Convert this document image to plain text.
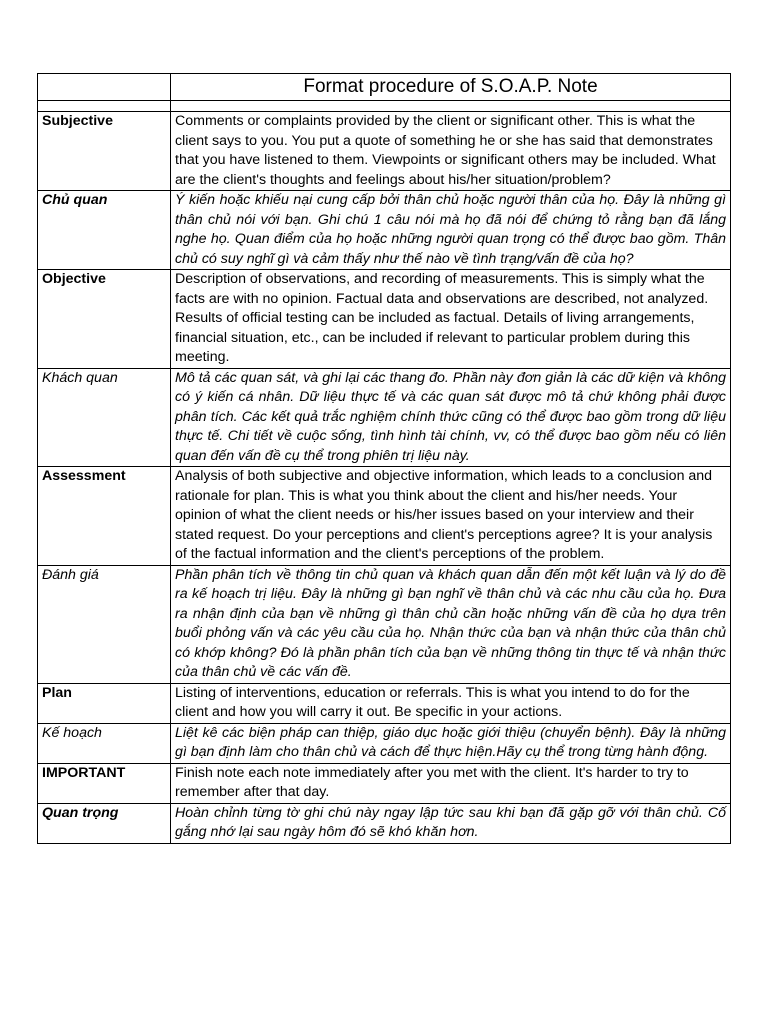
	Format procedure of S.O.A.P. Note

Subjective	Comments or complaints provided by the client or significant other. This is what the client says to you. You put a quote of something he or she has said that demonstrates that you have listened to them. Viewpoints or significant others may be included. What are the client's thoughts and feelings about his/her situation/problem?
Chủ quan	Ý kiến hoặc khiếu nại cung cấp bởi thân chủ hoặc người thân của họ. Đây là những gì thân chủ nói với bạn. Ghi chú 1 câu nói mà họ đã nói để chứng tỏ rằng bạn đã lắng nghe họ. Quan điểm của họ hoặc những người quan trọng có thể được bao gồm. Thân chủ có suy nghĩ gì và cảm thấy như thế nào về tình trạng/vấn đề của họ?
Objective	Description of observations, and recording of measurements. This is simply what the facts are with no opinion. Factual data and observations are described, not analyzed. Results of official testing can be included as factual. Details of living arrangements, financial situation, etc., can be included if relevant to particular problem during this meeting.
Khách quan	Mô tả các quan sát, và ghi lại các thang đo. Phần này đơn giản là các dữ kiện và không có ý kiến cá nhân. Dữ liệu thực tế và các quan sát được mô tả chứ không phải được phân tích. Các kết quả trắc nghiệm chính thức cũng có thể được bao gồm trong dữ liệu thực tế. Chi tiết về cuộc sống, tình hình tài chính, vv, có thể được bao gồm nếu có liên quan đến vấn đề cụ thể trong phiên trị liệu này.
Assessment	Analysis of both subjective and objective information, which leads to a conclusion and rationale for plan. This is what you think about the client and his/her needs. Your opinion of what the client needs or his/her issues based on your interview and their stated request. Do your perceptions and client's perceptions agree? It is your analysis of the factual information and the client's perceptions of the problem.
Đánh giá	Phần phân tích về thông tin chủ quan và khách quan dẫn đến một kết luận và lý do đề ra kế hoạch trị liệu. Đây là những gì bạn nghĩ về thân chủ và các nhu cầu của họ. Đưa ra nhận định của bạn về những gì thân chủ cần hoặc những vấn đề của họ dựa trên buổi phỏng vấn và các yêu cầu của họ. Nhận thức của bạn và nhận thức của thân chủ có khớp không? Đó là phần phân tích của bạn về những thông tin thực tế và nhận thức của thân chủ về các vấn đề.
Plan	Listing of interventions, education or referrals. This is what you intend to do for the client and how you will carry it out. Be specific in your actions.
Kế hoạch	Liệt kê các biện pháp can thiệp, giáo dục hoặc giới thiệu (chuyển bệnh). Đây là những gì bạn định làm cho thân chủ và cách để thực hiện.Hãy cụ thể trong từng hành động.
IMPORTANT	Finish note each note immediately after you met with the client. It's harder to try to remember after that day.
Quan trọng	Hoàn chỉnh từng tờ ghi chú này ngay lập tức sau khi bạn đã gặp gỡ với thân chủ. Cố gắng nhớ lại sau ngày hôm đó sẽ khó khăn hơn.
